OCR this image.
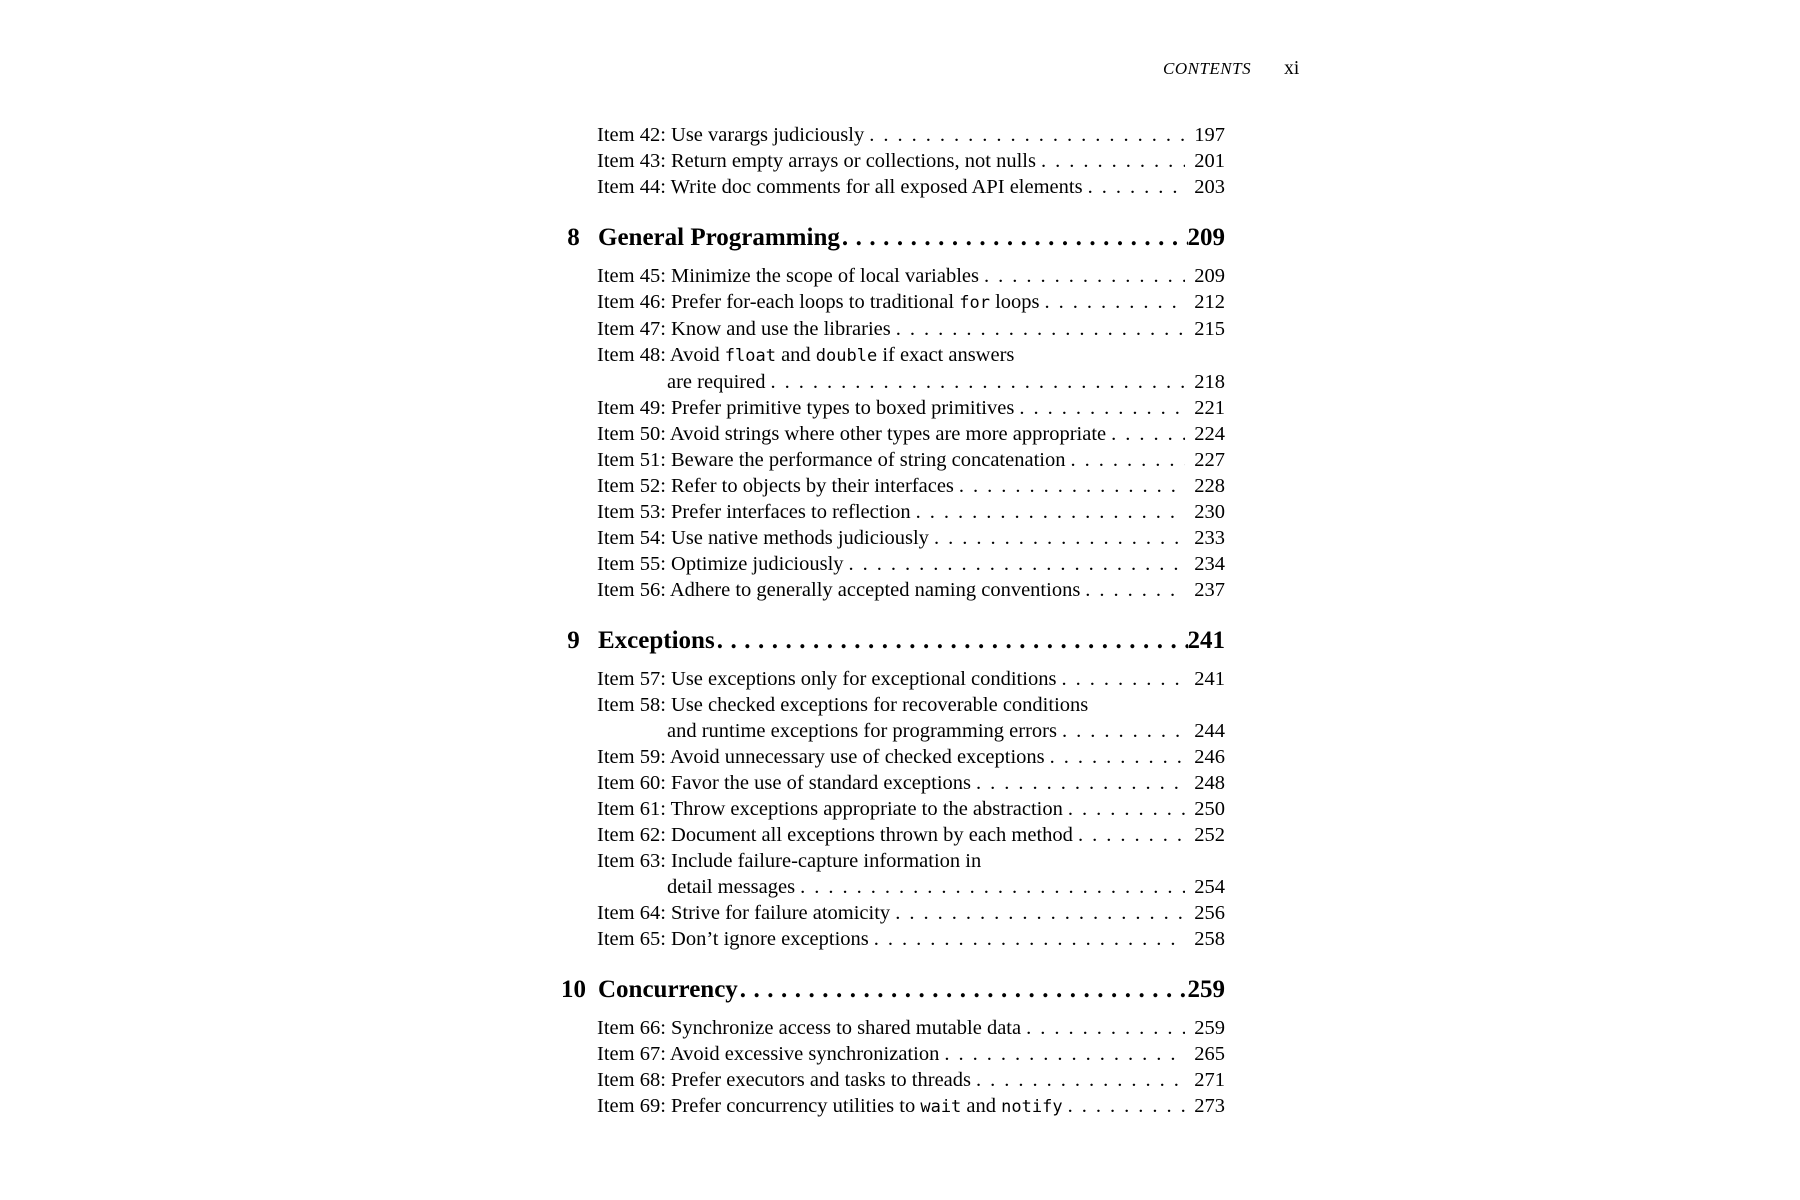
CONTENTS xi
Item 42: Use varargs judiciously .....	197
Item 43: Return empty arrays or collections, not nulls .....	201
Item 44: Write doc comments for all exposed API elements .....	203
8 General Programming .....	209
Item 45: Minimize the scope of local variables .....	209
Item 46: Prefer for-each loops to traditional for loops .....	212
Item 47: Know and use the libraries .....	215
Item 48: Avoid float and double if exact answers
are required .....	218
Item 49: Prefer primitive types to boxed primitives .....	221
Item 50: Avoid strings where other types are more appropriate .....	224
Item 51: Beware the performance of string concatenation .....	227
Item 52: Refer to objects by their interfaces .....	228
Item 53: Prefer interfaces to reflection .....	230
Item 54: Use native methods judiciously .....	233
Item 55: Optimize judiciously .....	234
Item 56: Adhere to generally accepted naming conventions .....	237
9 Exceptions .....	241
Item 57: Use exceptions only for exceptional conditions .....	241
Item 58: Use checked exceptions for recoverable conditions
and runtime exceptions for programming errors .....	244
Item 59: Avoid unnecessary use of checked exceptions .....	246
Item 60: Favor the use of standard exceptions .....	248
Item 61: Throw exceptions appropriate to the abstraction .....	250
Item 62: Document all exceptions thrown by each method .....	252
Item 63: Include failure-capture information in
detail messages .....	254
Item 64: Strive for failure atomicity .....	256
Item 65: Don’t ignore exceptions .....	258
10 Concurrency .....	259
Item 66: Synchronize access to shared mutable data .....	259
Item 67: Avoid excessive synchronization .....	265
Item 68: Prefer executors and tasks to threads .....	271
Item 69: Prefer concurrency utilities to wait and notify .....	273
